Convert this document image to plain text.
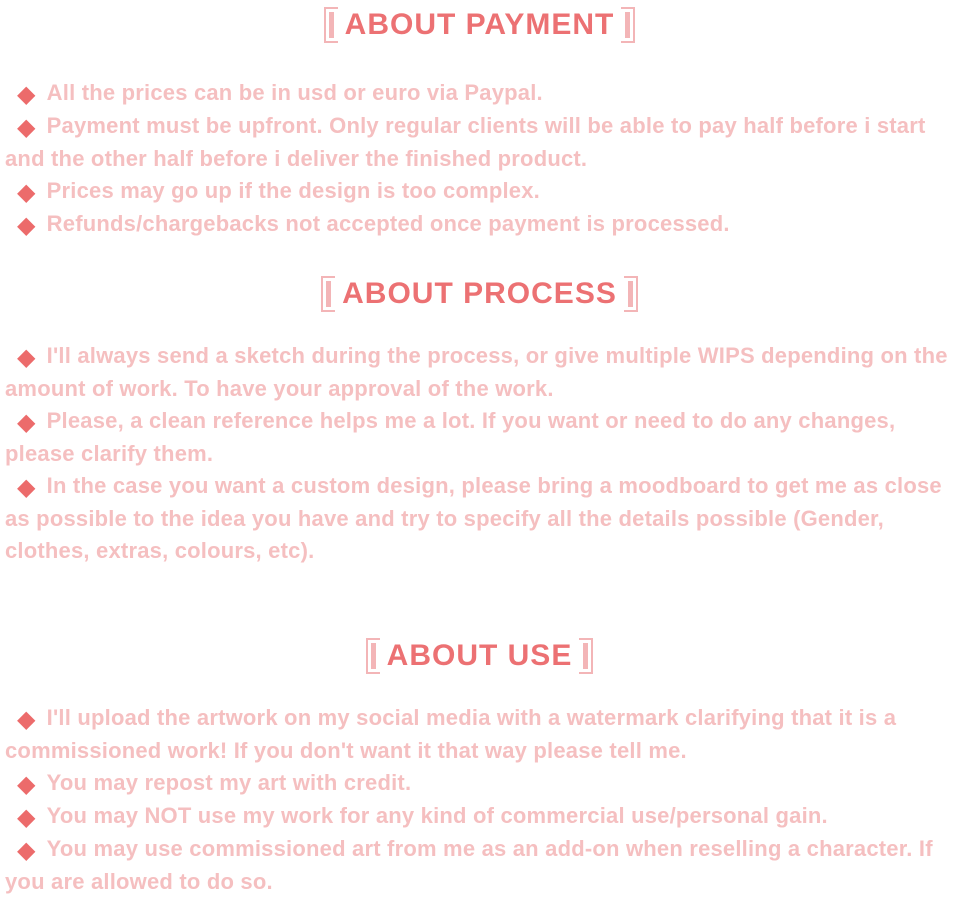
ABOUT PAYMENT

◆ All the prices can be in usd or euro via Paypal.

◆ Payment must be upfront. Only regular clients will be able to pay half before i start and the other half before i deliver the finished product.

◆ Prices may go up if the design is too complex.

◆ Refunds/chargebacks not accepted once payment is processed.

ABOUT PROCESS

◆ I'll always send a sketch during the process, or give multiple WIPS depending on the amount of work. To have your approval of the work.

◆ Please, a clean reference helps me a lot. If you want or need to do any changes, please clarify them.

◆ In the case you want a custom design, please bring a moodboard to get me as close as possible to the idea you have and try to specify all the details possible (Gender, clothes, extras, colours, etc).

ABOUT USE

◆ I'll upload the artwork on my social media with a watermark clarifying that it is a commissioned work! If you don't want it that way please tell me.

◆ You may repost my art with credit.

◆ You may NOT use my work for any kind of commercial use/personal gain.

◆ You may use commissioned art from me as an add-on when reselling a character. If you are allowed to do so.
